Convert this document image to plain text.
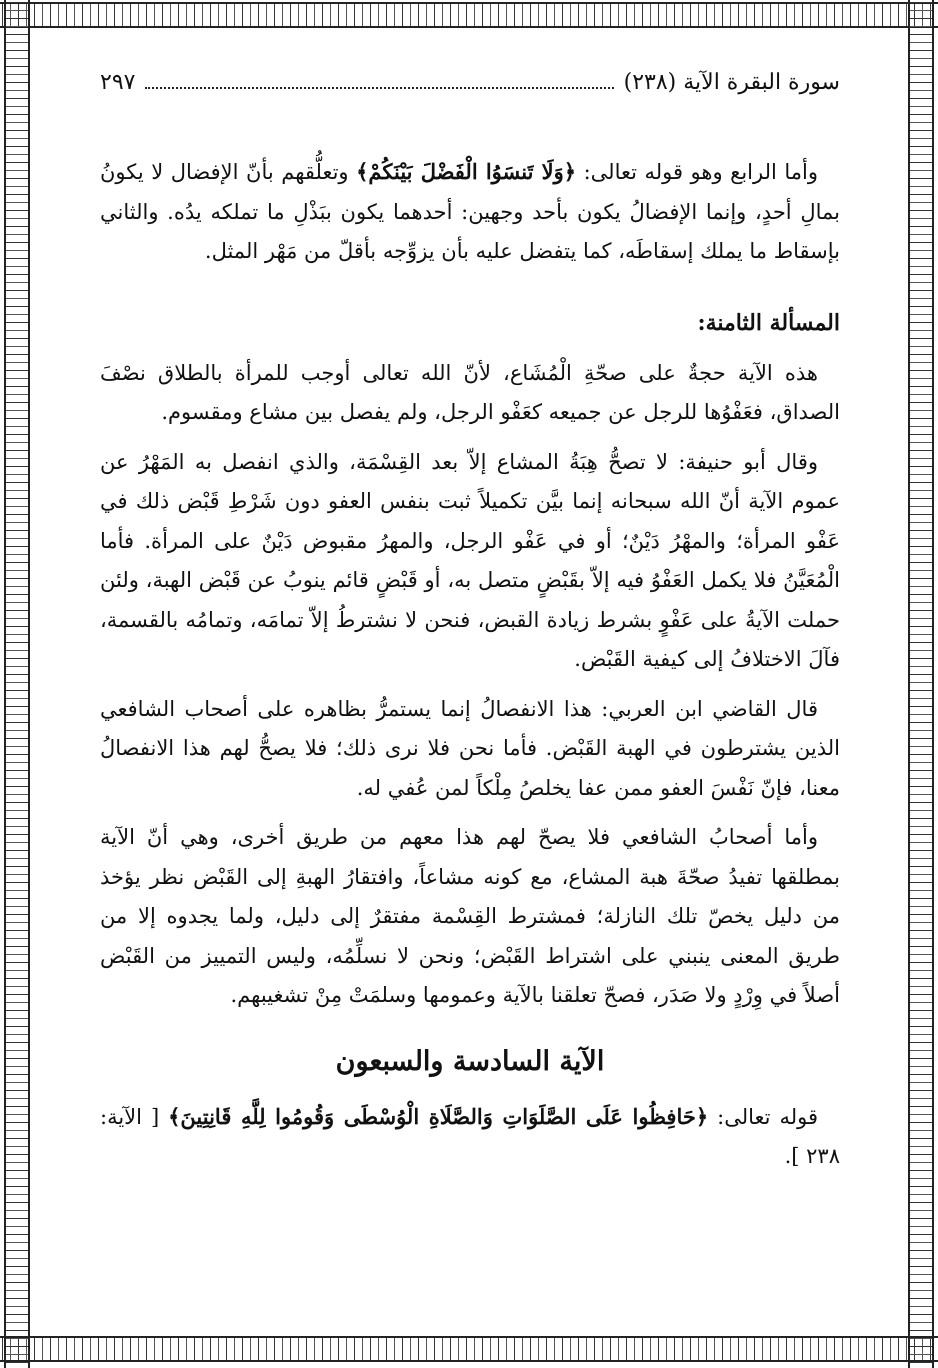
سورة البقرة الآية (٢٣٨)
٢٩٧

وأما الرابع وهو قوله تعالى: ﴿وَلَا تَنسَوُا الْفَضْلَ بَيْنَكُمْ﴾ وتعلُّقهم بأنّ الإفضال لا يكونُ بمالِ أحدٍ، وإنما الإفضالُ يكون بأحد وجهين: أحدهما يكون ببَذْلِ ما تملكه يدُه. والثاني بإسقاط ما يملك إسقاطَه، كما يتفضل عليه بأن يزوِّجه بأقلّ من مَهْر المثل.

المسألة الثامنة:

هذه الآية حجةٌ على صحّةِ الْمُشَاع، لأنّ الله تعالى أوجب للمرأة بالطلاق نصْفَ الصداق، فعَفْوُها للرجل عن جميعه كعَفْو الرجل، ولم يفصل بين مشاع ومقسوم.

وقال أبو حنيفة: لا تصحُّ هِبَةُ المشاع إلاّ بعد القِسْمَة، والذي انفصل به المَهْرُ عن عموم الآية أنّ الله سبحانه إنما بيَّن تكميلاً ثبت بنفس العفو دون شَرْطِ قَبْض ذلك في عَفْو المرأة؛ والمهْرُ دَيْنٌ؛ أو في عَفْو الرجل، والمهرُ مقبوض دَيْنٌ على المرأة. فأما الْمُعَيَّنُ فلا يكمل العَفْوُ فيه إلاّ بقَبْضٍ متصل به، أو قَبْضٍ قائم ينوبُ عن قَبْض الهبة، ولئن حملت الآيةُ على عَفْوٍ بشرط زيادة القبض، فنحن لا نشترطُ إلاّ تمامَه، وتمامُه بالقسمة، فآلَ الاختلافُ إلى كيفية القَبْض.

قال القاضي ابن العربي: هذا الانفصالُ إنما يستمرُّ بظاهره على أصحاب الشافعي الذين يشترطون في الهبة القَبْض. فأما نحن فلا نرى ذلك؛ فلا يصحُّ لهم هذا الانفصالُ معنا، فإنّ نَفْسَ العفو ممن عفا يخلصُ مِلْكاً لمن عُفي له.

وأما أصحابُ الشافعي فلا يصحّ لهم هذا معهم من طريق أخرى، وهي أنّ الآية بمطلقها تفيدُ صحّةَ هبة المشاع، مع كونه مشاعاً، وافتقارُ الهبةِ إلى القَبْض نظر يؤخذ من دليل يخصّ تلك النازلة؛ فمشترط القِسْمة مفتقرٌ إلى دليل، ولما يجدوه إلا من طريق المعنى ينبني على اشتراط القَبْض؛ ونحن لا نسلِّمُه، وليس التمييز من القَبْض أصلاً في وِرْدٍ ولا صَدَر، فصحّ تعلقنا بالآية وعمومها وسلمَتْ مِنْ تشغيبهم.

الآية السادسة والسبعون

قوله تعالى: ﴿حَافِظُوا عَلَى الصَّلَوَاتِ وَالصَّلَاةِ الْوُسْطَى وَقُومُوا لِلَّهِ قَانِتِينَ﴾ [ الآية: ٢٣٨ ].
